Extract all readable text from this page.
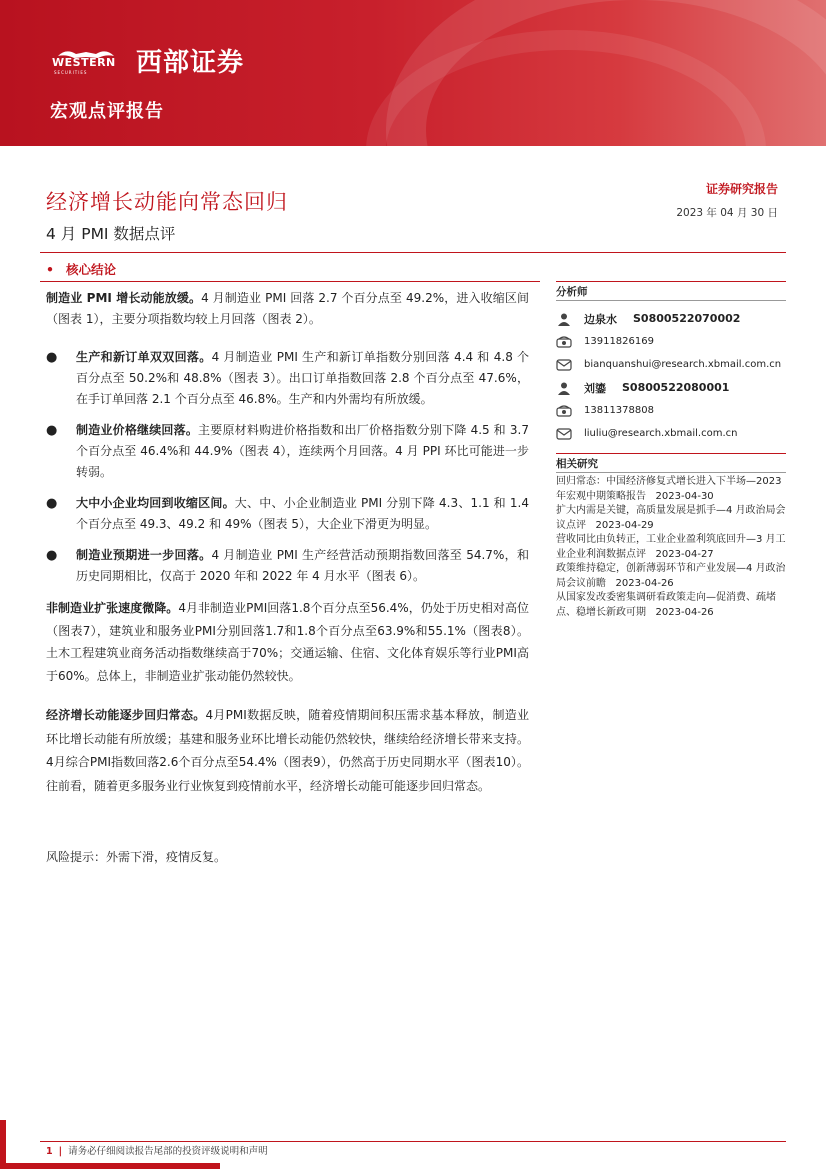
WESTERN
SECURITIES 西部证券
宏观点评报告
经济增长动能向常态回归
4 月 PMI 数据点评
证券研究报告
2023 年 04 月 30 日
• 核心结论

制造业 PMI 增长动能放缓。4 月制造业 PMI 回落 2.7 个百分点至 49.2%，进入收缩区间（图表 1），主要分项指数均较上月回落（图表 2）。

●	生产和新订单双双回落。4 月制造业 PMI 生产和新订单指数分别回落 4.4 和 4.8 个百分点至 50.2%和 48.8%（图表 3）。出口订单指数回落 2.8 个百分点至 47.6%，在手订单回落 2.1 个百分点至 46.8%。生产和内外需均有所放缓。
●	制造业价格继续回落。主要原材料购进价格指数和出厂价格指数分别下降 4.5 和 3.7 个百分点至 46.4%和 44.9%（图表 4），连续两个月回落。4 月 PPI 环比可能进一步转弱。
●	大中小企业均回到收缩区间。大、中、小企业制造业 PMI 分别下降 4.3、1.1 和 1.4 个百分点至 49.3、49.2 和 49%（图表 5），大企业下滑更为明显。
●	制造业预期进一步回落。4 月制造业 PMI 生产经营活动预期指数回落至 54.7%，和历史同期相比，仅高于 2020 年和 2022 年 4 月水平（图表 6）。

非制造业扩张速度微降。4月非制造业PMI回落1.8个百分点至56.4%，仍处于历史相对高位（图表7），建筑业和服务业PMI分别回落1.7和1.8个百分点至63.9%和55.1%（图表8）。土木工程建筑业商务活动指数继续高于70%；交通运输、住宿、文化体育娱乐等行业PMI高于60%。总体上，非制造业扩张动能仍然较快。

经济增长动能逐步回归常态。4月PMI数据反映，随着疫情期间积压需求基本释放，制造业环比增长动能有所放缓；基建和服务业环比增长动能仍然较快，继续给经济增长带来支持。4月综合PMI指数回落2.6个百分点至54.4%（图表9），仍然高于历史同期水平（图表10）。往前看，随着更多服务业行业恢复到疫情前水平，经济增长动能可能逐步回归常态。

风险提示：外需下滑，疫情反复。

分析师
边泉水 S0800522070002
13911826169
bianquanshui@research.xbmail.com.cn
刘鎏 S0800522080001
13811378808
liuliu@research.xbmail.com.cn
相关研究
回归常态：中国经济修复式增长进入下半场—2023 年宏观中期策略报告 2023-04-30
扩大内需是关键，高质量发展是抓手—4 月政治局会议点评 2023-04-29
营收同比由负转正，工业企业盈利筑底回升—3 月工业企业利润数据点评 2023-04-27
政策维持稳定，创新薄弱环节和产业发展—4 月政治局会议前瞻 2023-04-26
从国家发改委密集调研看政策走向—促消费、疏堵点、稳增长新政可期 2023-04-26
1 | 请务必仔细阅读报告尾部的投资评级说明和声明
